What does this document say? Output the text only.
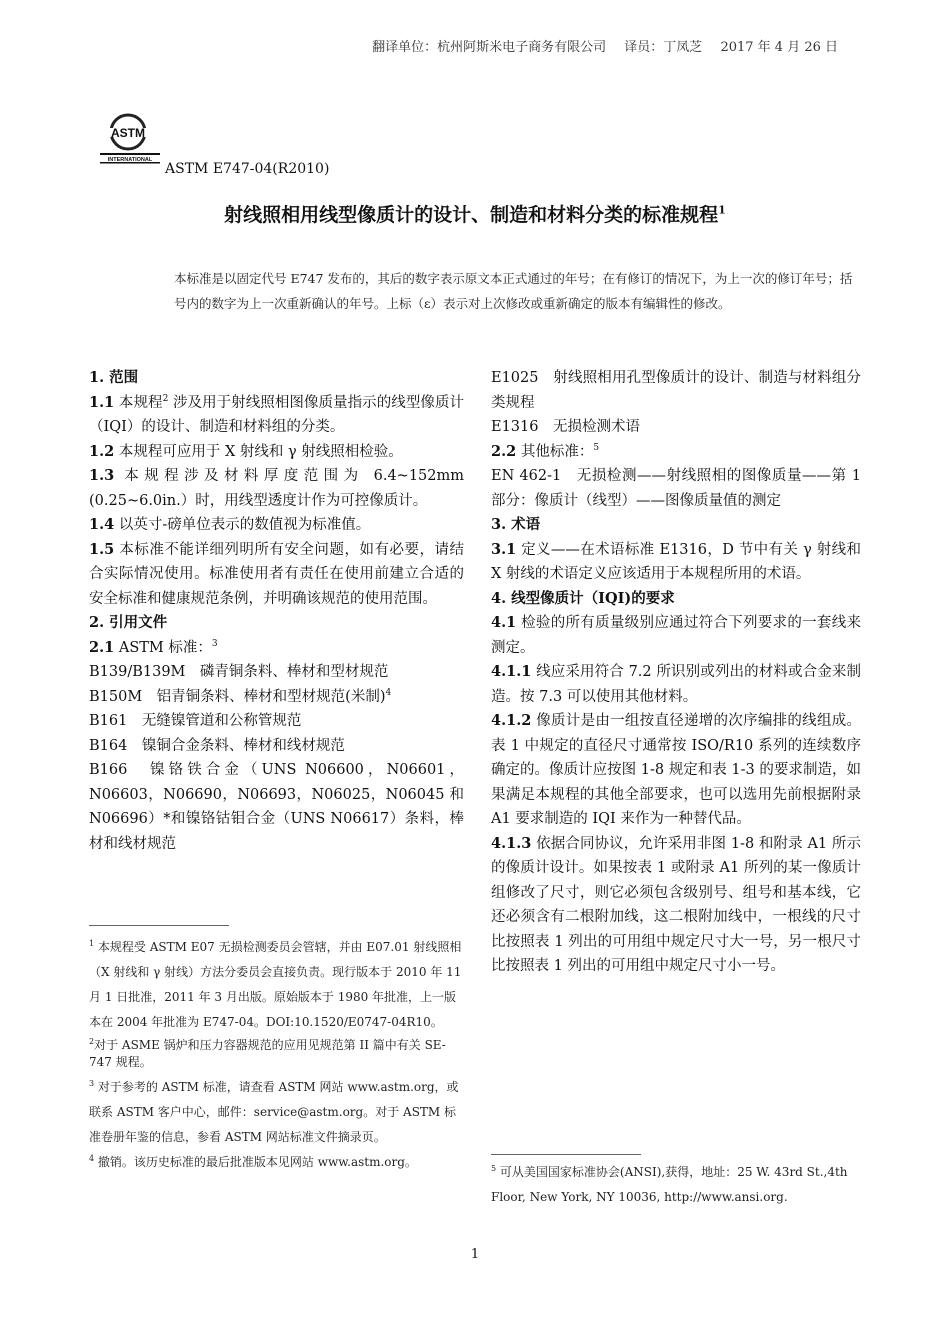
翻译单位：杭州阿斯米电子商务有限公司 译员：丁凤芝 2017 年 4 月 26 日
ASTM
INTERNATIONAL
ASTM E747-04(R2010)
射线照相用线型像质计的设计、制造和材料分类的标准规程$^1$
本标准是以固定代号 E747 发布的，其后的数字表示原文本正式通过的年号；在有修订的情况下，为上一次的修订年号；括号内的数字为上一次重新确认的年号。上标（ε）表示对上次修改或重新确定的版本有编辑性的修改。

1. 范围

1.1 本规程$^2$ 涉及用于射线照相图像质量指示的线型像质计（IQI）的设计、制造和材料组的分类。

1.2 本规程可应用于 X 射线和 γ 射线照相检验。

1.3 本规程涉及材料厚度范围为 6.4~152mm (0.25~6.0in.）时，用线型透度计作为可控像质计。

1.4 以英寸-磅单位表示的数值视为标准值。

1.5 本标准不能详细列明所有安全问题，如有必要，请结合实际情况使用。标准使用者有责任在使用前建立合适的安全标准和健康规范条例，并明确该规范的使用范围。

2. 引用文件

2.1 ASTM 标准：$^3$

B139/B139M　磷青铜条料、棒材和型材规范

B150M　铝青铜条料、棒材和型材规范(米制)$^4$

B161　无缝镍管道和公称管规范

B164　镍铜合金条料、棒材和线材规范

B166　镍铬铁合金（UNS N06600，N06601，N06603，N06690，N06693，N06025，N06045 和 N06696）*和镍铬钴钼合金（UNS N06617）条料，棒材和线材规范

E1025　射线照相用孔型像质计的设计、制造与材料组分类规程

E1316　无损检测术语

2.2 其他标准：$^5$

EN 462-1　无损检测——射线照相的图像质量——第 1 部分：像质计（线型）——图像质量值的测定

3. 术语

3.1 定义——在术语标准 E1316，D 节中有关 γ 射线和 X 射线的术语定义应该适用于本规程所用的术语。

4. 线型像质计（IQI)的要求

4.1 检验的所有质量级别应通过符合下列要求的一套线来测定。

4.1.1 线应采用符合 7.2 所识别或列出的材料或合金来制造。按 7.3 可以使用其他材料。

4.1.2 像质计是由一组按直径递增的次序编排的线组成。表 1 中规定的直径尺寸通常按 ISO/R10 系列的连续数序确定的。像质计应按图 1-8 规定和表 1-3 的要求制造，如果满足本规程的其他全部要求，也可以选用先前根据附录 A1 要求制造的 IQI 来作为一种替代品。

4.1.3 依据合同协议，允许采用非图 1-8 和附录 A1 所示的像质计设计。如果按表 1 或附录 A1 所列的某一像质计组修改了尺寸，则它必须包含级别号、组号和基本线，它还必须含有二根附加线，这二根附加线中，一根线的尺寸比按照表 1 列出的可用组中规定尺寸大一号，另一根尺寸比按照表 1 列出的可用组中规定尺寸小一号。

$^1$ 本规程受 ASTM E07 无损检测委员会管辖，并由 E07.01 射线照相（X 射线和 γ 射线）方法分委员会直接负责。现行版本于 2010 年 11 月 1 日批准，2011 年 3 月出版。原始版本于 1980 年批准，上一版本在 2004 年批准为 E747-04。DOI:10.1520/E0747-04R10。

$^2$对于 ASME 锅炉和压力容器规范的应用见规范第 II 篇中有关 SE-747 规程。

$^3$ 对于参考的 ASTM 标准，请查看 ASTM 网站 www.astm.org，或联系 ASTM 客户中心，邮件：service@astm.org。对于 ASTM 标准卷册年鉴的信息，参看 ASTM 网站标准文件摘录页。

$^4$ 撤销。该历史标准的最后批准版本见网站 www.astm.org。	$^5$ 可从美国国家标准协会(ANSI),获得，地址：25 W. 43rd St.,4th Floor, New York, NY 10036, http://www.ansi.org.

1
